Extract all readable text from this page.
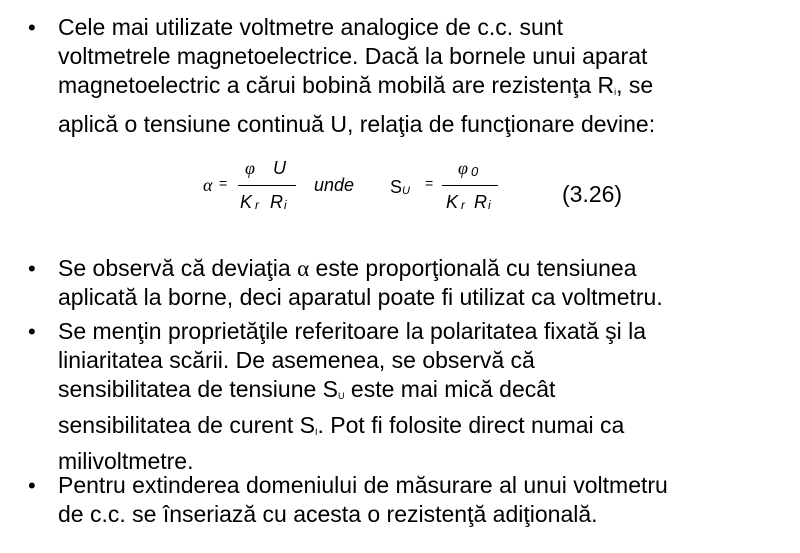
• Cele mai utilizate voltmetre analogice de c.c. sunt
voltmetrele magnetoelectrice. Dacă la bornele unui aparat
magnetoelectric a cărui bobină mobilă are rezistenţa $R_i$, se
aplică o tensiune continuă U, relaţia de funcţionare devine:
α =
φ U
K r R i
unde S U =
φ 0
K r R i	(3.26)
• Se observă că deviaţia α este proporţională cu tensiunea
aplicată la borne, deci aparatul poate fi utilizat ca voltmetru.
• Se menţin proprietăţile referitoare la polaritatea fixată şi la
liniaritatea scării. De asemenea, se observă că
sensibilitatea de tensiune $S_U$ este mai mică decât
sensibilitatea de curent $S_I$. Pot fi folosite direct numai ca
milivoltmetre.
• Pentru extinderea domeniului de măsurare al unui voltmetru
de c.c. se înseriază cu acesta o rezistenţă adiţională.
